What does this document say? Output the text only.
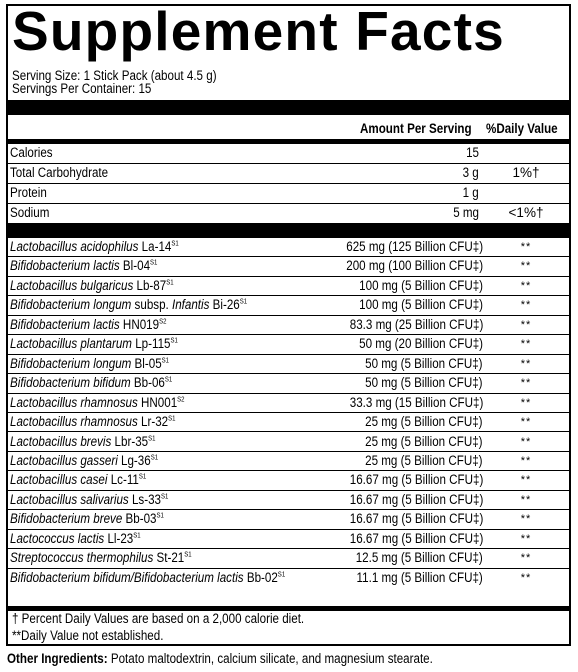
Supplement Facts
Serving Size: 1 Stick Pack (about 4.5 g)
Servings Per Container: 15
Amount Per Serving %Daily Value
Calories	15
Total Carbohydrate	3 g	1%†
Protein	1 g
Sodium	5 mg	<1%†
Lactobacillus acidophilus $La-14^{S1}$	625 mg (125 Billion CFU‡)	**
Bifidobacterium lactis $Bl-04^{S1}$	200 mg (100 Billion CFU‡)	**
Lactobacillus bulgaricus $Lb-87^{S1}$	100 mg (5 Billion CFU‡)	**
Bifidobacterium longum subsp. Infantis $Bi-26^{S1}$	100 mg (5 Billion CFU‡)	**
Bifidobacterium lactis $HN019^{S2}$	83.3 mg (25 Billion CFU‡)	**
Lactobacillus plantarum $Lp-115^{S1}$	50 mg (20 Billion CFU‡)	**
Bifidobacterium longum $Bl-05^{S1}$	50 mg (5 Billion CFU‡)	**
Bifidobacterium bifidum $Bb-06^{S1}$	50 mg (5 Billion CFU‡)	**
Lactobacillus rhamnosus $HN001^{S2}$	33.3 mg (15 Billion CFU‡)	**
Lactobacillus rhamnosus $Lr-32^{S1}$	25 mg (5 Billion CFU‡)	**
Lactobacillus brevis Lbr-$35^{S1}$	25 mg (5 Billion CFU‡)	**
Lactobacillus gasseri $Lg-36^{S1}$	25 mg (5 Billion CFU‡)	**
Lactobacillus casei $Lc-11^{S1}$	16.67 mg (5 Billion CFU‡)	**
Lactobacillus salivarius $Ls-33^{S1}$	16.67 mg (5 Billion CFU‡)	**
Bifidobacterium breve $Bb-03^{S1}$	16.67 mg (5 Billion CFU‡)	**
Lactococcus lactis $Ll-23^{S1}$	16.67 mg (5 Billion CFU‡)	**
Streptococcus thermophilus $St-21^{S1}$	12.5 mg (5 Billion CFU‡)	**
Bifidobacterium bifidum/Bifidobacterium lactis $Bb-02^{S1}$	11.1 mg (5 Billion CFU‡)	**
† Percent Daily Values are based on a 2,000 calorie diet.
**Daily Value not established.
Other Ingredients: Potato maltodextrin, calcium silicate, and magnesium stearate.
